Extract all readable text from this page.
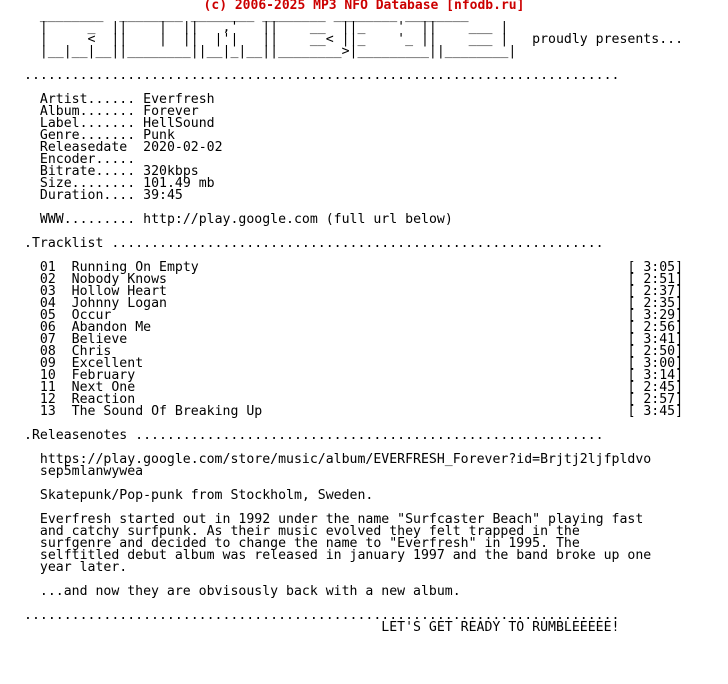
(c) 2006-2025 MP3 NFO Database [nfodb.ru]
________  ________ ________ ________ ________ ________
|     _  ||    |  ||   ,'   ||    __  ||_    '  ||    ___ |
|     <  ||    |  ||  |'|   ||    __< ||_    '_ ||    ___ | proudly presents...
|__|__|__||________||__|_|__||________>|_________||________|

...........................................................................

Artist...... Everfresh
Album....... Forever
Label....... HellSound
Genre....... Punk
Releasedate  2020-02-02
Encoder.....
Bitrate..... 320kbps
Size........ 101.49 mb
Duration.... 39:45

WWW......... http://play.google.com (full url below)

.Tracklist ..............................................................

01 Running On Empty                                                      [ 3:05]
02 Nobody Knows                                                          [ 2:51]
03 Hollow Heart                                                          [ 2:37]
04 Johnny Logan                                                          [ 2:35]
05 Occur                                                                 [ 3:29]
06 Abandon Me                                                            [ 2:56]
07 Believe                                                               [ 3:41]
08 Chris                                                                 [ 2:50]
09 Excellent                                                             [ 3:00]
10 February                                                              [ 3:14]
11 Next One                                                              [ 2:45]
12 Reaction                                                              [ 2:57]
13 The Sound Of Breaking Up                                              [ 3:45]

.Releasenotes ...........................................................

https://play.google.com/store/music/album/EVERFRESH_Forever?id=Brjtj2ljfpldvo
sep5mlanwywea

Skatepunk/Pop-punk from Stockholm, Sweden.

Everfresh started out in 1992 under the name "Surfcaster Beach" playing fast
and catchy surfpunk. As their music evolved they felt trapped in the
surfgenre and decided to change the name to "Everfresh" in 1995. The
selftitled debut album was released in january 1997 and the band broke up one
year later.

...and now they are obvisously back with a new album.

...........................................................................
LET'S GET READY TO RUMBLEEEEE!
